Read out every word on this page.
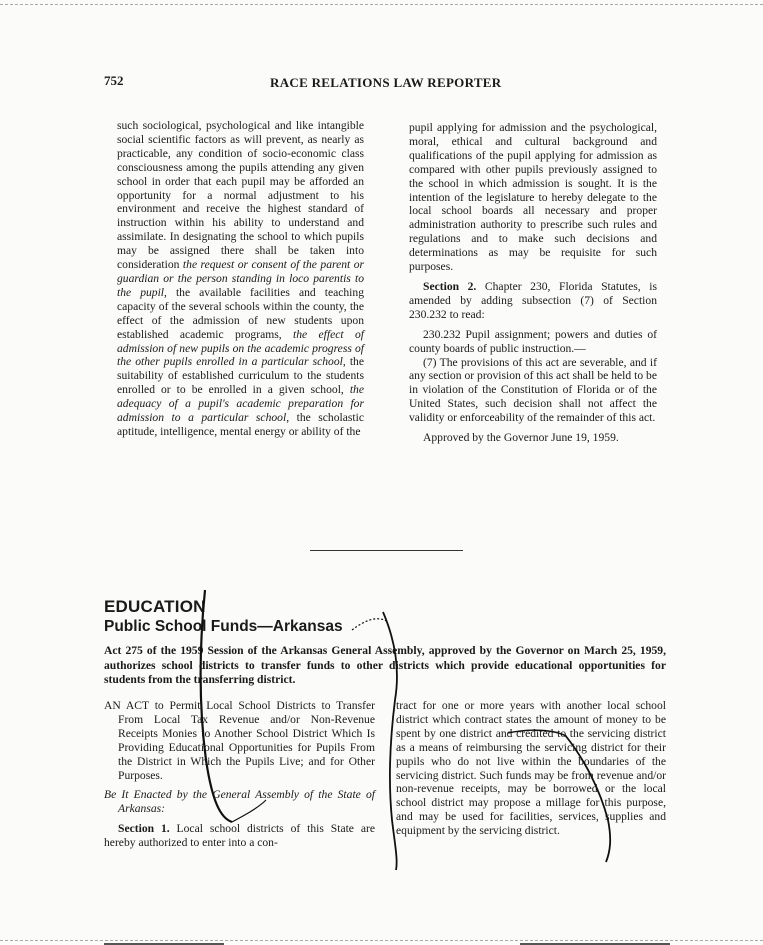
752	RACE RELATIONS LAW REPORTER

such sociological, psychological and like intangible social scientific factors as will prevent, as nearly as practicable, any condition of socio-economic class consciousness among the pupils attending any given school in order that each pupil may be afforded an opportunity for a normal adjustment to his environment and receive the highest standard of instruction within his ability to understand and assimilate. In designating the school to which pupils may be assigned there shall be taken into consideration the request or consent of the parent or guardian or the person standing in loco parentis to the pupil, the available facilities and teaching capacity of the several schools within the county, the effect of the admission of new students upon established academic programs, the effect of admission of new pupils on the academic progress of the other pupils enrolled in a particular school, the suitability of established curriculum to the students enrolled or to be enrolled in a given school, the adequacy of a pupil's academic preparation for admission to a particular school, the scholastic aptitude, intelligence, mental energy or ability of the

pupil applying for admission and the psychological, moral, ethical and cultural background and qualifications of the pupil applying for admission as compared with other pupils previously assigned to the school in which admission is sought. It is the intention of the legislature to hereby delegate to the local school boards all necessary and proper administration authority to prescribe such rules and regulations and to make such decisions and determinations as may be requisite for such purposes.

Section 2. Chapter 230, Florida Statutes, is amended by adding subsection (7) of Section 230.232 to read:

230.232 Pupil assignment; powers and duties of county boards of public instruction.—

(7) The provisions of this act are severable, and if any section or provision of this act shall be held to be in violation of the Constitution of Florida or of the United States, such decision shall not affect the validity or enforceability of the remainder of this act.

Approved by the Governor June 19, 1959.

EDUCATION
Public School Funds—Arkansas
Act 275 of the 1959 Session of the Arkansas General Assembly, approved by the Governor on March 25, 1959, authorizes school districts to transfer funds to other districts which provide educational opportunities for students from the transferring district.

AN ACT to Permit Local School Districts to Transfer From Local Tax Revenue and/or Non-Revenue Receipts Monies to Another School District Which Is Providing Educational Opportunities for Pupils From the District in Which the Pupils Live; and for Other Purposes.

Be It Enacted by the General Assembly of the State of Arkansas:

Section 1. Local school districts of this State are hereby authorized to enter into a con-

tract for one or more years with another local school district which contract states the amount of money to be spent by one district and credited to the servicing district as a means of reimbursing the servicing district for their pupils who do not live within the boundaries of the servicing district. Such funds may be from revenue and/or non-revenue receipts, may be borrowed or the local school district may propose a millage for this purpose, and may be used for facilities, services, supplies and equipment by the servicing district.
